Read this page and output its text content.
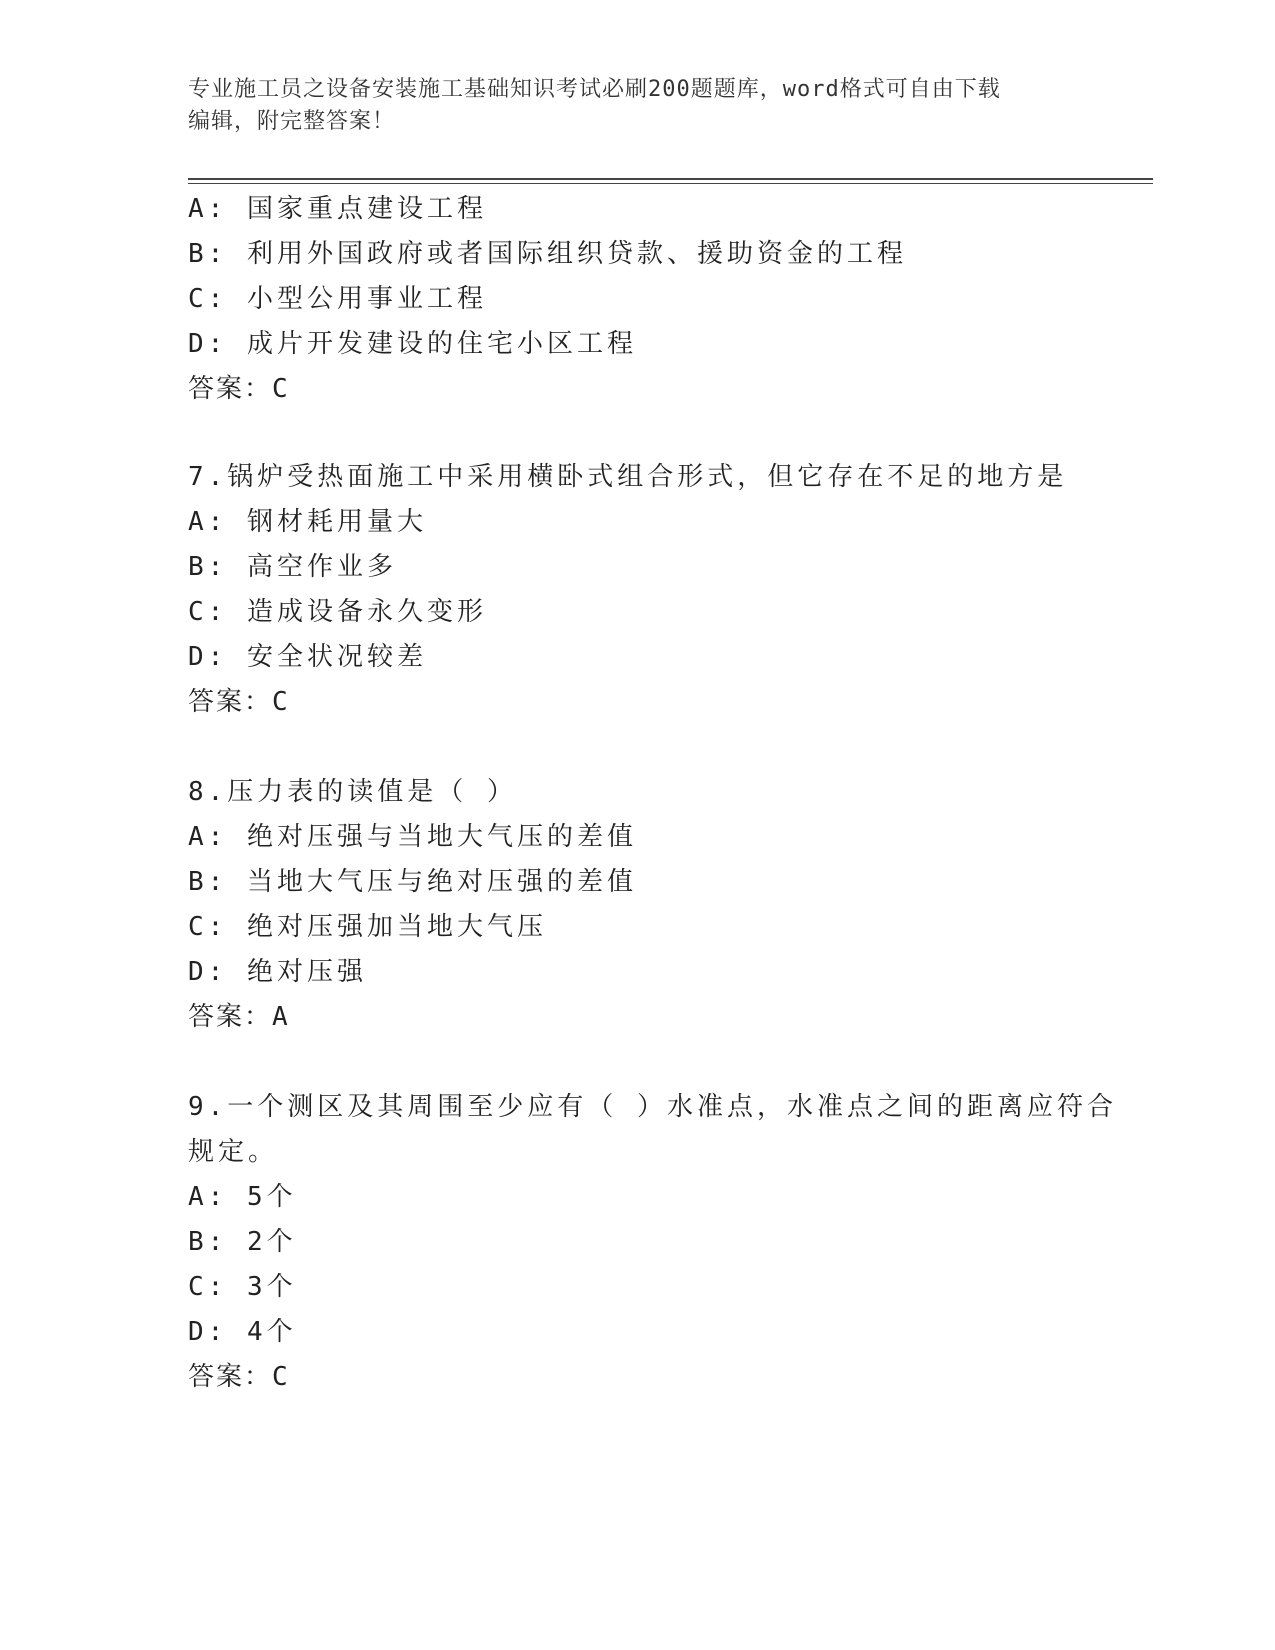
专业施工员之设备安装施工基础知识考试必刷200题题库，word格式可自由下载
编辑，附完整答案！
A: 国家重点建设工程
B: 利用外国政府或者国际组织贷款、援助资金的工程
C: 小型公用事业工程
D: 成片开发建设的住宅小区工程
答案：C
7.锅炉受热面施工中采用横卧式组合形式，但它存在不足的地方是
A: 钢材耗用量大
B: 高空作业多
C: 造成设备永久变形
D: 安全状况较差
答案：C
8.压力表的读值是（ ）
A: 绝对压强与当地大气压的差值
B: 当地大气压与绝对压强的差值
C: 绝对压强加当地大气压
D: 绝对压强
答案：A
9.一个测区及其周围至少应有（ ）水准点，水准点之间的距离应符合
规定。
A: 5个
B: 2个
C: 3个
D: 4个
答案：C
